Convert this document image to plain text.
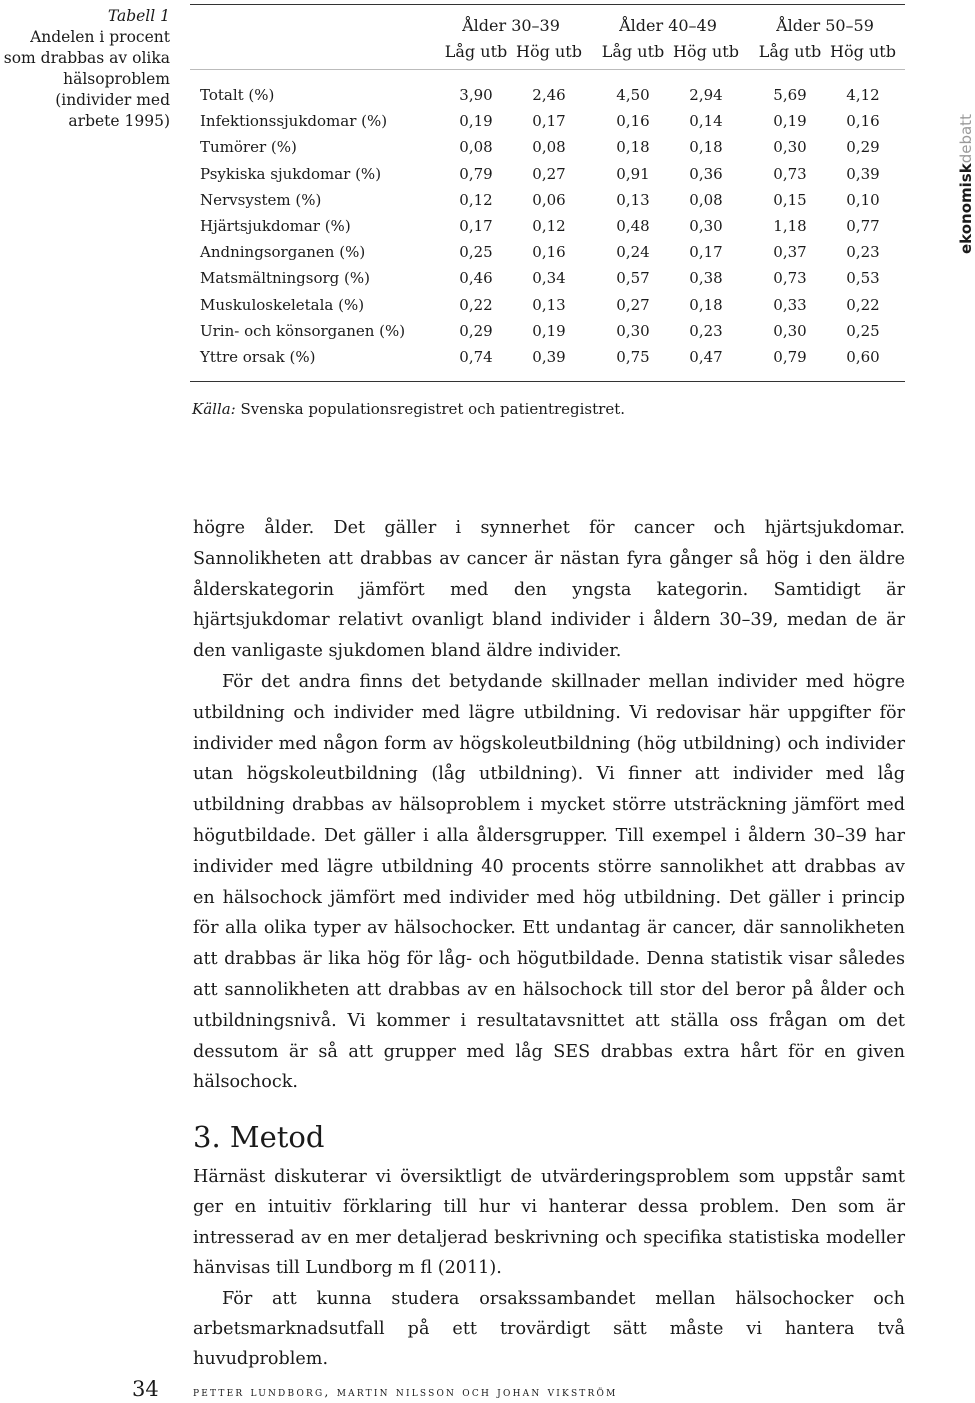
Tabell 1
Andelen i procent som drabbas av olika hälsoproblem (individer med arbete 1995)
Ålder 30–39	Ålder 40–49	Ålder 50–59
Låg utb Hög utb	Låg utb Hög utb	Låg utb Hög utb
Totalt (%)	3,90	2,46	4,50	2,94	5,69	4,12
Infektionssjukdomar (%)	0,19	0,17	0,16	0,14	0,19	0,16
Tumörer (%)	0,08	0,08	0,18	0,18	0,30	0,29
Psykiska sjukdomar (%)	0,79	0,27	0,91	0,36	0,73	0,39
Nervsystem (%)	0,12	0,06	0,13	0,08	0,15	0,10
Hjärtsjukdomar (%)	0,17	0,12	0,48	0,30	1,18	0,77
Andningsorganen (%)	0,25	0,16	0,24	0,17	0,37	0,23
Matsmältningsorg (%)	0,46	0,34	0,57	0,38	0,73	0,53
Muskuloskeletala (%)	0,22	0,13	0,27	0,18	0,33	0,22
Urin- och könsorganen (%)	0,29	0,19	0,30	0,23	0,30	0,25
Yttre orsak (%)	0,74	0,39	0,75	0,47	0,79	0,60
Källa: Svenska populationsregistret och patientregistret.
ekonomiskdebatt

högre ålder. Det gäller i synnerhet för cancer och hjärtsjukdomar. Sannolikheten att drabbas av cancer är nästan fyra gånger så hög i den äldre ålderskategorin jämfört med den yngsta kategorin. Samtidigt är hjärtsjukdomar relativt ovanligt bland individer i åldern 30–39, medan de är den vanligaste sjukdomen bland äldre individer.

För det andra finns det betydande skillnader mellan individer med högre utbildning och individer med lägre utbildning. Vi redovisar här uppgifter för individer med någon form av högskoleutbildning (hög utbildning) och individer utan högskoleutbildning (låg utbildning). Vi finner att individer med låg utbildning drabbas av hälsoproblem i mycket större utsträckning jämfört med högutbildade. Det gäller i alla åldersgrupper. Till exempel i åldern 30–39 har individer med lägre utbildning 40 procents större sannolikhet att drabbas av en hälsochock jämfört med individer med hög utbildning. Det gäller i princip för alla olika typer av hälsochocker. Ett undantag är cancer, där sannolikheten att drabbas är lika hög för låg- och högutbildade. Denna statistik visar således att sannolikheten att drabbas av en hälsochock till stor del beror på ålder och utbildningsnivå. Vi kommer i resultatavsnittet att ställa oss frågan om det dessutom är så att grupper med låg SES drabbas extra hårt för en given hälsochock.

3. Metod

Härnäst diskuterar vi översiktligt de utvärderingsproblem som uppstår samt ger en intuitiv förklaring till hur vi hanterar dessa problem. Den som är intresserad av en mer detaljerad beskrivning och specifika statistiska modeller hänvisas till Lundborg m fl (2011).

För att kunna studera orsakssambandet mellan hälsochocker och arbetsmarknadsutfall på ett trovärdigt sätt måste vi hantera två huvudproblem.

34	petter lundborg, martin nilsson och johan vikström
